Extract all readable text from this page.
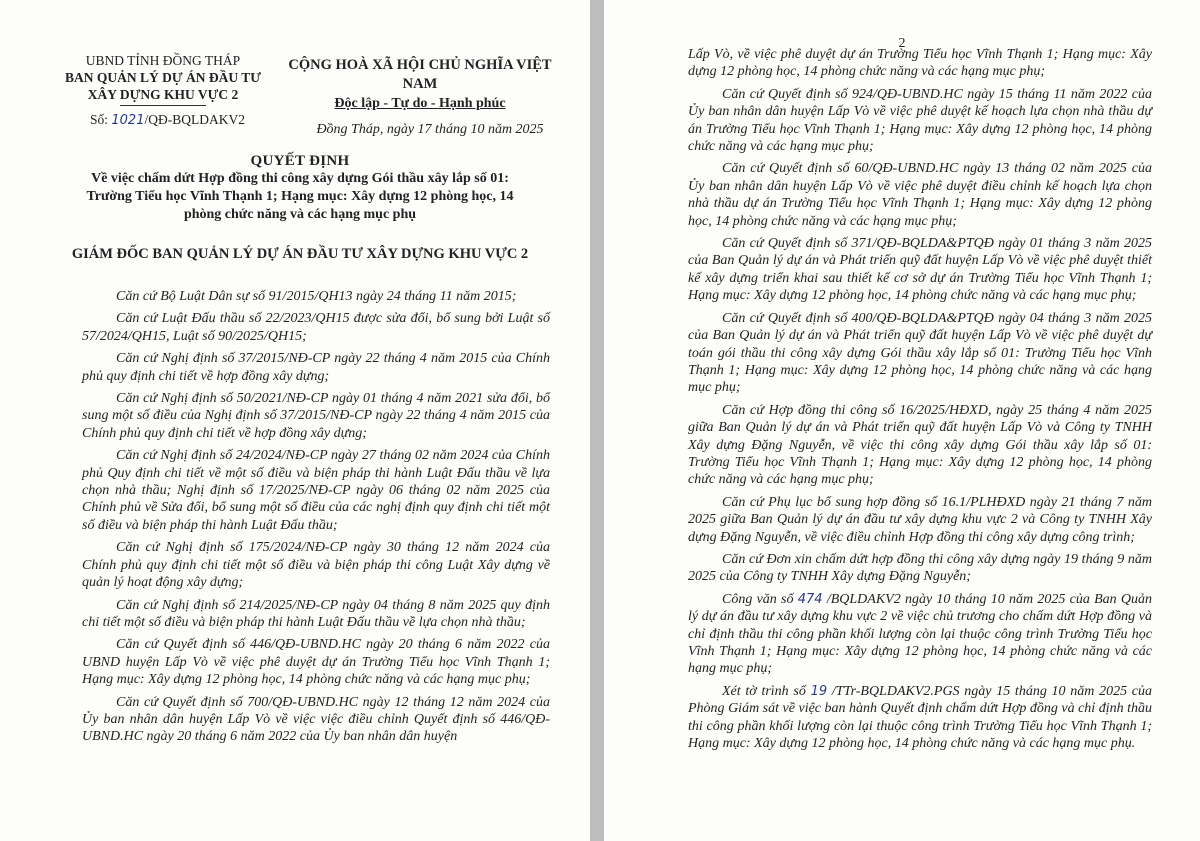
UBND TỈNH ĐỒNG THÁP
BAN QUẢN LÝ DỰ ÁN ĐẦU TƯ
XÂY DỰNG KHU VỰC 2
Số: 1021/QĐ-BQLDAKV2
CỘNG HOÀ XÃ HỘI CHỦ NGHĨA VIỆT NAM
Độc lập - Tự do - Hạnh phúc
Đồng Tháp, ngày 17 tháng 10 năm 2025
QUYẾT ĐỊNH
Về việc chấm dứt Hợp đồng thi công xây dựng Gói thầu xây lắp số 01:
Trường Tiểu học Vĩnh Thạnh 1; Hạng mục: Xây dựng 12 phòng học, 14
phòng chức năng và các hạng mục phụ
GIÁM ĐỐC BAN QUẢN LÝ DỰ ÁN ĐẦU TƯ XÂY DỰNG KHU VỰC 2

Căn cứ Bộ Luật Dân sự số 91/2015/QH13 ngày 24 tháng 11 năm 2015;

Căn cứ Luật Đấu thầu số 22/2023/QH15 được sửa đổi, bổ sung bởi Luật số 57/2024/QH15, Luật số 90/2025/QH15;

Căn cứ Nghị định số 37/2015/NĐ-CP ngày 22 tháng 4 năm 2015 của Chính phủ quy định chi tiết về hợp đồng xây dựng;

Căn cứ Nghị định số 50/2021/NĐ-CP ngày 01 tháng 4 năm 2021 sửa đổi, bổ sung một số điều của Nghị định số 37/2015/NĐ-CP ngày 22 tháng 4 năm 2015 của Chính phủ quy định chi tiết về hợp đồng xây dựng;

Căn cứ Nghị định số 24/2024/NĐ-CP ngày 27 tháng 02 năm 2024 của Chính phủ Quy định chi tiết về một số điều và biện pháp thi hành Luật Đấu thầu về lựa chọn nhà thầu; Nghị định số 17/2025/NĐ-CP ngày 06 tháng 02 năm 2025 của Chính phủ về Sửa đổi, bổ sung một số điều của các nghị định quy định chi tiết một số điều và biện pháp thi hành Luật Đấu thầu;

Căn cứ Nghị định số 175/2024/NĐ-CP ngày 30 tháng 12 năm 2024 của Chính phủ quy định chi tiết một số điều và biện pháp thi công Luật Xây dựng về quản lý hoạt động xây dựng;

Căn cứ Nghị định số 214/2025/NĐ-CP ngày 04 tháng 8 năm 2025 quy định chi tiết một số điều và biện pháp thi hành Luật Đấu thầu về lựa chọn nhà thầu;

Căn cứ Quyết định số 446/QĐ-UBND.HC ngày 20 tháng 6 năm 2022 của UBND huyện Lấp Vò về việc phê duyệt dự án Trường Tiểu học Vĩnh Thạnh 1; Hạng mục: Xây dựng 12 phòng học, 14 phòng chức năng và các hạng mục phụ;

Căn cứ Quyết định số 700/QĐ-UBND.HC ngày 12 tháng 12 năm 2024 của Ủy ban nhân dân huyện Lấp Vò về việc việc điều chỉnh Quyết định số 446/QĐ-UBND.HC ngày 20 tháng 6 năm 2022 của Ủy ban nhân dân huyện

2

Lấp Vò, về việc phê duyệt dự án Trường Tiểu học Vĩnh Thạnh 1; Hạng mục: Xây dựng 12 phòng học, 14 phòng chức năng và các hạng mục phụ;

Căn cứ Quyết định số 924/QĐ-UBND.HC ngày 15 tháng 11 năm 2022 của Ủy ban nhân dân huyện Lấp Vò về việc phê duyệt kế hoạch lựa chọn nhà thầu dự án Trường Tiểu học Vĩnh Thạnh 1; Hạng mục: Xây dựng 12 phòng học, 14 phòng chức năng và các hạng mục phụ;

Căn cứ Quyết định số 60/QĐ-UBND.HC ngày 13 tháng 02 năm 2025 của Ủy ban nhân dân huyện Lấp Vò về việc phê duyệt điều chỉnh kế hoạch lựa chọn nhà thầu dự án Trường Tiểu học Vĩnh Thạnh 1; Hạng mục: Xây dựng 12 phòng học, 14 phòng chức năng và các hạng mục phụ;

Căn cứ Quyết định số 371/QĐ-BQLDA&PTQĐ ngày 01 tháng 3 năm 2025 của Ban Quản lý dự án và Phát triển quỹ đất huyện Lấp Vò về việc phê duyệt thiết kế xây dựng triển khai sau thiết kế cơ sở dự án Trường Tiểu học Vĩnh Thạnh 1; Hạng mục: Xây dựng 12 phòng học, 14 phòng chức năng và các hạng mục phụ;

Căn cứ Quyết định số 400/QĐ-BQLDA&PTQĐ ngày 04 tháng 3 năm 2025 của Ban Quản lý dự án và Phát triển quỹ đất huyện Lấp Vò về việc phê duyệt dự toán gói thầu thi công xây dựng Gói thầu xây lắp số 01: Trường Tiểu học Vĩnh Thạnh 1; Hạng mục: Xây dựng 12 phòng học, 14 phòng chức năng và các hạng mục phụ;

Căn cứ Hợp đồng thi công số 16/2025/HĐXD, ngày 25 tháng 4 năm 2025 giữa Ban Quản lý dự án và Phát triển quỹ đất huyện Lấp Vò và Công ty TNHH Xây dựng Đặng Nguyễn, về việc thi công xây dựng Gói thầu xây lắp số 01: Trường Tiểu học Vĩnh Thạnh 1; Hạng mục: Xây dựng 12 phòng học, 14 phòng chức năng và các hạng mục phụ;

Căn cứ Phụ lục bổ sung hợp đồng số 16.1/PLHĐXD ngày 21 tháng 7 năm 2025 giữa Ban Quản lý dự án đầu tư xây dựng khu vực 2 và Công ty TNHH Xây dựng Đặng Nguyễn, về việc điều chỉnh Hợp đồng thi công xây dựng công trình;

Căn cứ Đơn xin chấm dứt hợp đồng thi công xây dựng ngày 19 tháng 9 năm 2025 của Công ty TNHH Xây dựng Đặng Nguyễn;

Công văn số 474 /BQLDAKV2 ngày 10 tháng 10 năm 2025 của Ban Quản lý dự án đầu tư xây dựng khu vực 2 về việc chủ trương cho chấm dứt Hợp đồng và chỉ định thầu thi công phần khối lượng còn lại thuộc công trình Trường Tiểu học Vĩnh Thạnh 1; Hạng mục: Xây dựng 12 phòng học, 14 phòng chức năng và các hạng mục phụ;

Xét tờ trình số 19 /TTr-BQLDAKV2.PGS ngày 15 tháng 10 năm 2025 của Phòng Giám sát về việc ban hành Quyết định chấm dứt Hợp đồng và chỉ định thầu thi công phần khối lượng còn lại thuộc công trình Trường Tiểu học Vĩnh Thạnh 1; Hạng mục: Xây dựng 12 phòng học, 14 phòng chức năng và các hạng mục phụ.
